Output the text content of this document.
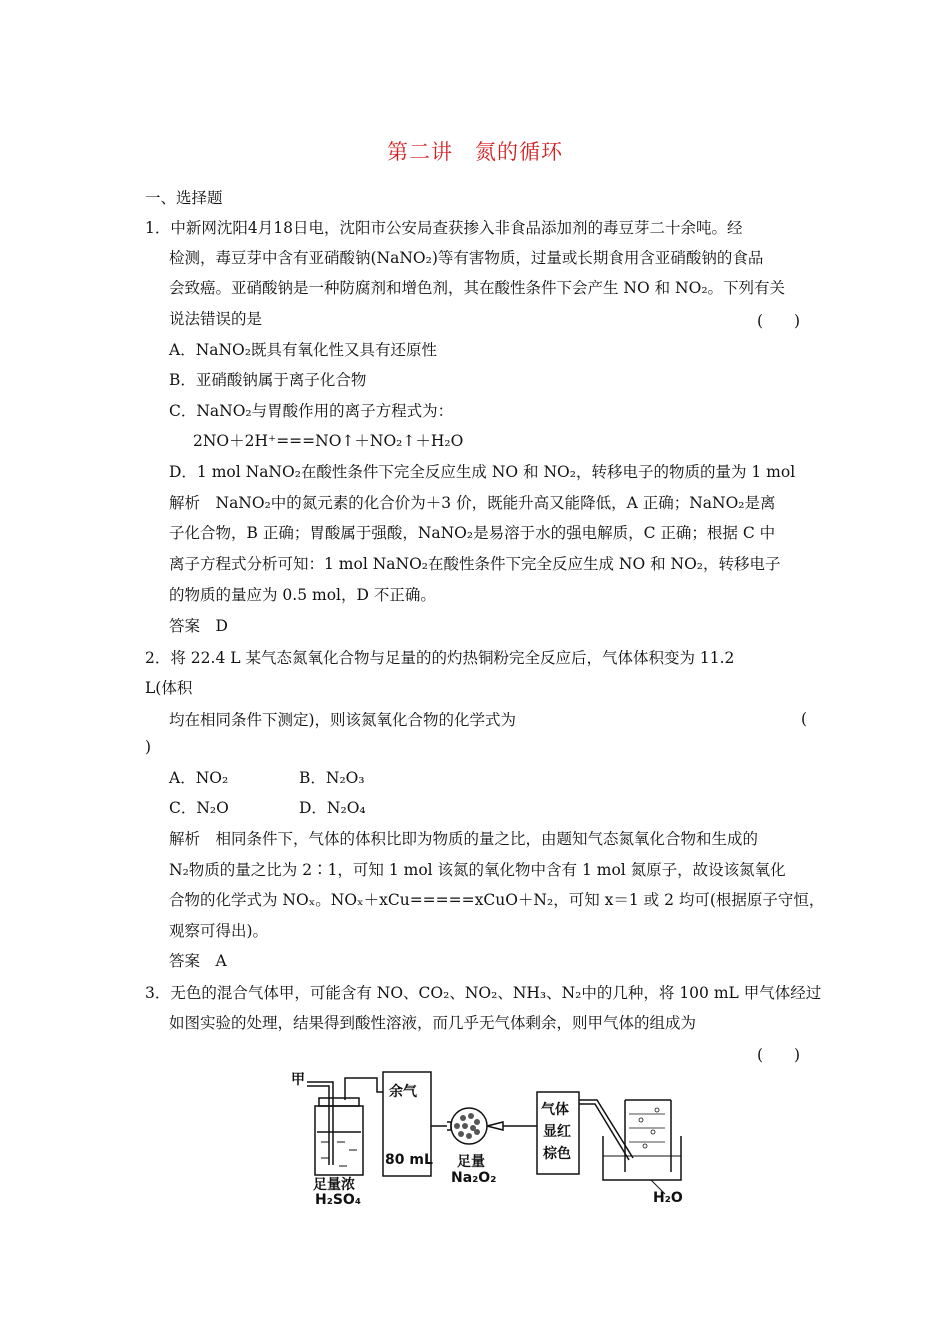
第二讲　氮的循环
一、选择题
1．中新网沈阳4月18日电，沈阳市公安局查获掺入非食品添加剂的毒豆芽二十余吨。经
检测，毒豆芽中含有亚硝酸钠(NaNO₂)等有害物质，过量或长期食用含亚硝酸钠的食品
会致癌。亚硝酸钠是一种防腐剂和增色剂，其在酸性条件下会产生 NO 和 NO₂。下列有关
说法错误的是	(　　)
A．NaNO₂既具有氧化性又具有还原性
B．亚硝酸钠属于离子化合物
C．NaNO₂与胃酸作用的离子方程式为：
2NO＋2H⁺===NO↑＋NO₂↑＋H₂O
D．1 mol NaNO₂在酸性条件下完全反应生成 NO 和 NO₂，转移电子的物质的量为 1 mol
解析　NaNO₂中的氮元素的化合价为＋3 价，既能升高又能降低，A 正确；NaNO₂是离
子化合物，B 正确；胃酸属于强酸，NaNO₂是易溶于水的强电解质，C 正确；根据 C 中
离子方程式分析可知：1 mol NaNO₂在酸性条件下完全反应生成 NO 和 NO₂，转移电子
的物质的量应为 0.5 mol，D 不正确。
答案　D
2．将 22.4 L 某气态氮氧化合物与足量的的灼热铜粉完全反应后，气体体积变为 11.2
L(体积
均在相同条件下测定)，则该氮氧化合物的化学式为	(
)
A．NO₂	B．N₂O₃
C．N₂O	D．N₂O₄
解析　相同条件下，气体的体积比即为物质的量之比，由题知气态氮氧化合物和生成的
N₂物质的量之比为 2∶1，可知 1 mol 该氮的氧化物中含有 1 mol 氮原子，故设该氮氧化
合物的化学式为 NOₓ。NOₓ＋xCu=====xCuO＋N₂，可知 x＝1 或 2 均可(根据原子守恒，
观察可得出)。
答案　A
3．无色的混合气体甲，可能含有 NO、CO₂、NO₂、NH₃、N₂中的几种，将 100 mL 甲气体经过
如图实验的处理，结果得到酸性溶液，而几乎无气体剩余，则甲气体的组成为
(　　)
甲
足量浓
H₂SO₄
余气
80 mL 足量
Na₂O₂
气体
显红
棕色
H₂O
